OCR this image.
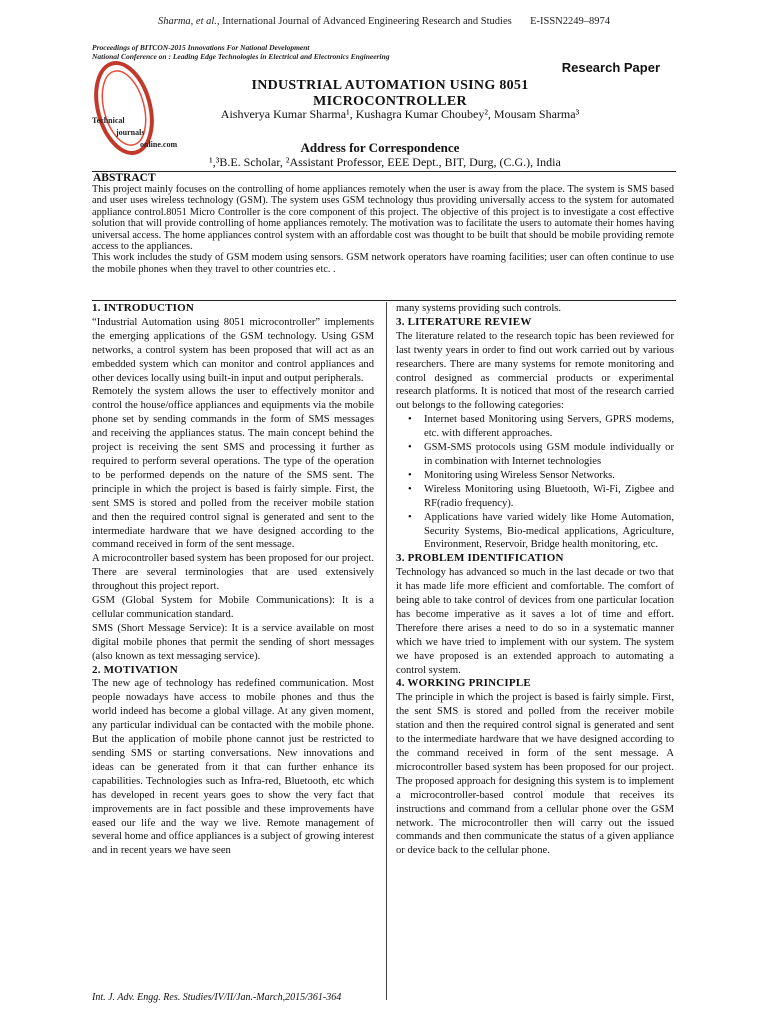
Sharma, et al., International Journal of Advanced Engineering Research and Studies E-ISSN2249–8974
Proceedings of BITCON-2015 Innovations For National Development
National Conference on : Leading Edge Technologies in Electrical and Electronics Engineering
Technical
journals
online.com
Research Paper
INDUSTRIAL AUTOMATION USING 8051
MICROCONTROLLER
Aishverya Kumar Sharma¹, Kushagra Kumar Choubey², Mousam Sharma³
Address for Correspondence
¹,³B.E. Scholar, ²Assistant Professor, EEE Dept., BIT, Durg, (C.G.), India
ABSTRACT

This project mainly focuses on the controlling of home appliances remotely when the user is away from the place. The system is SMS based and user uses wireless technology (GSM). The system uses GSM technology thus providing universally access to the system for automated appliance control.8051 Micro Controller is the core component of this project. The objective of this project is to investigate a cost effective solution that will provide controlling of home appliances remotely. The motivation was to facilitate the users to automate their homes having universal access. The home appliances control system with an affordable cost was thought to be built that should be mobile providing remote access to the appliances.

This work includes the study of GSM modem using sensors. GSM network operators have roaming facilities; user can often continue to use the mobile phones when they travel to other countries etc. .

1. INTRODUCTION

“Industrial Automation using 8051 microcontroller” implements the emerging applications of the GSM technology. Using GSM networks, a control system has been proposed that will act as an embedded system which can monitor and control appliances and other devices locally using built-in input and output peripherals.

Remotely the system allows the user to effectively monitor and control the house/office appliances and equipments via the mobile phone set by sending commands in the form of SMS messages and receiving the appliances status. The main concept behind the project is receiving the sent SMS and processing it further as required to perform several operations. The type of the operation to be performed depends on the nature of the SMS sent. The principle in which the project is based is fairly simple. First, the sent SMS is stored and polled from the receiver mobile station and then the required control signal is generated and sent to the intermediate hardware that we have designed according to the command received in form of the sent message.

A microcontroller based system has been proposed for our project. There are several terminologies that are used extensively throughout this project report.

GSM (Global System for Mobile Communications): It is a cellular communication standard.

SMS (Short Message Service): It is a service available on most digital mobile phones that permit the sending of short messages (also known as text messaging service).

2. MOTIVATION

The new age of technology has redefined communication. Most people nowadays have access to mobile phones and thus the world indeed has become a global village. At any given moment, any particular individual can be contacted with the mobile phone. But the application of mobile phone cannot just be restricted to sending SMS or starting conversations. New innovations and ideas can be generated from it that can further enhance its capabilities. Technologies such as Infra-red, Bluetooth, etc which has developed in recent years goes to show the very fact that improvements are in fact possible and these improvements have eased our life and the way we live. Remote management of several home and office appliances is a subject of growing interest and in recent years we have seen

many systems providing such controls.

3. LITERATURE REVIEW

The literature related to the research topic has been reviewed for last twenty years in order to find out work carried out by various researchers. There are many systems for remote monitoring and control designed as commercial products or experimental research platforms. It is noticed that most of the research carried out belongs to the following categories:

• Internet based Monitoring using Servers, GPRS modems, etc. with different approaches.
• GSM-SMS protocols using GSM module individually or in combination with Internet technologies
• Monitoring using Wireless Sensor Networks.
• Wireless Monitoring using Bluetooth, Wi-Fi, Zigbee and RF(radio frequency).
• Applications have varied widely like Home Automation, Security Systems, Bio-medical applications, Agriculture, Environment, Reservoir, Bridge health monitoring, etc.
3. PROBLEM IDENTIFICATION

Technology has advanced so much in the last decade or two that it has made life more efficient and comfortable. The comfort of being able to take control of devices from one particular location has become imperative as it saves a lot of time and effort. Therefore there arises a need to do so in a systematic manner which we have tried to implement with our system. The system we have proposed is an extended approach to automating a control system.

4. WORKING PRINCIPLE

The principle in which the project is based is fairly simple. First, the sent SMS is stored and polled from the receiver mobile station and then the required control signal is generated and sent to the intermediate hardware that we have designed according to the command received in form of the sent message. A microcontroller based system has been proposed for our project. The proposed approach for designing this system is to implement a microcontroller-based control module that receives its instructions and command from a cellular phone over the GSM network. The microcontroller then will carry out the issued commands and then communicate the status of a given appliance or device back to the cellular phone.

Int. J. Adv. Engg. Res. Studies/IV/II/Jan.-March,2015/361-364
